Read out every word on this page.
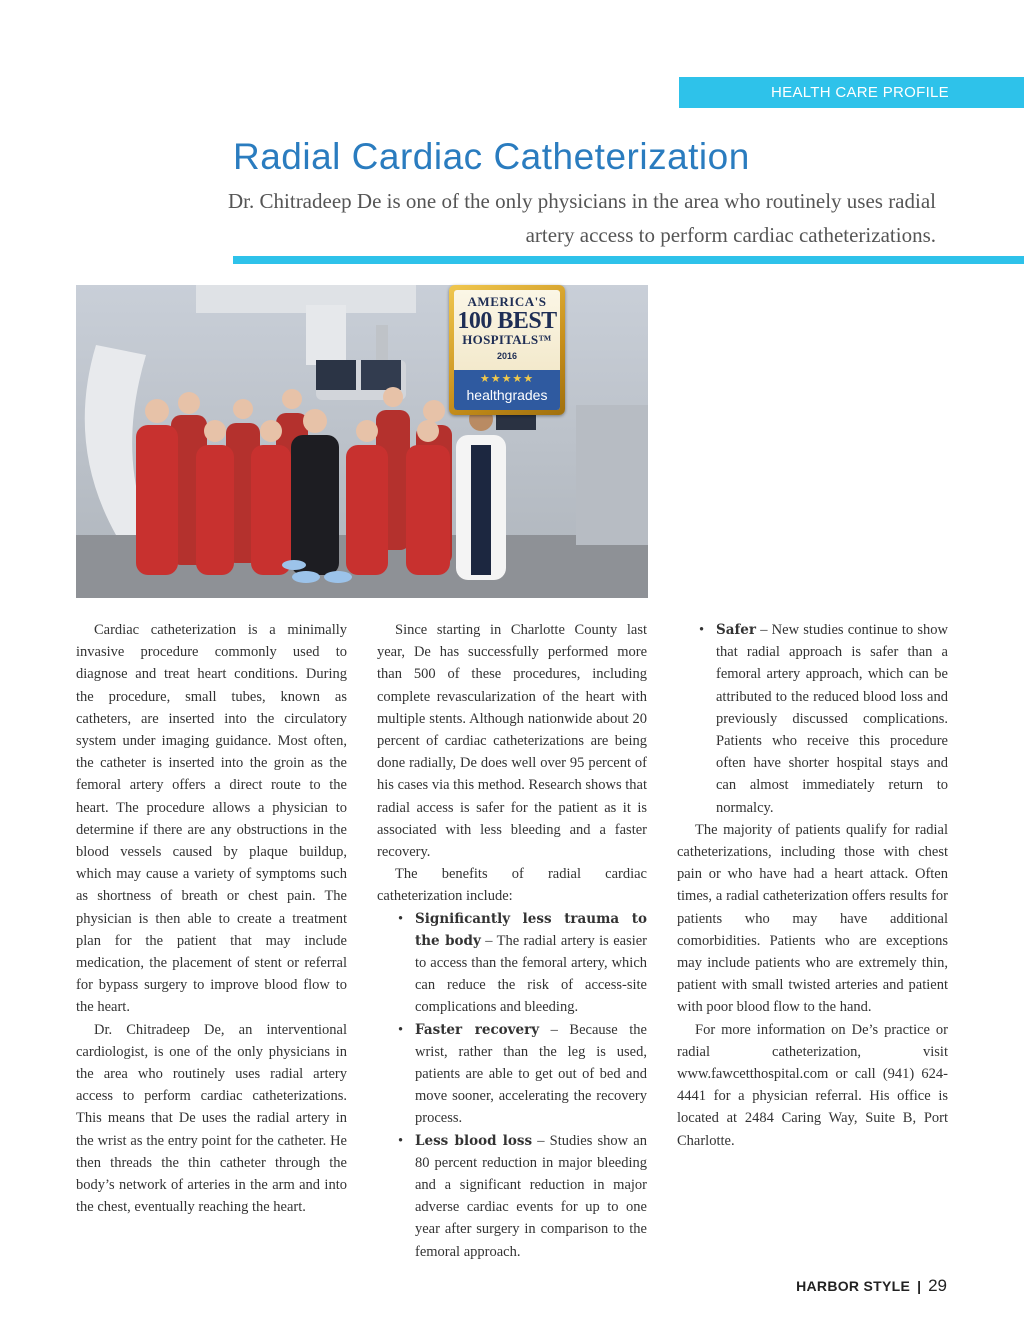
HEALTH CARE PROFILE
Radial Cardiac Catheterization

Dr. Chitradeep De is one of the only physicians in the area who routinely uses radial artery access to perform cardiac catheterizations.

AMERICA'S
100 BEST
HOSPITALS™
2016
★★★★★
healthgrades

Cardiac catheterization is a minimally invasive procedure commonly used to diagnose and treat heart conditions. During the procedure, small tubes, known as catheters, are inserted into the circulatory system under imaging guidance. Most often, the catheter is inserted into the groin as the femoral artery offers a direct route to the heart. The procedure allows a physician to determine if there are any obstructions in the blood vessels caused by plaque buildup, which may cause a variety of symptoms such as shortness of breath or chest pain. The physician is then able to create a treatment plan for the patient that may include medication, the placement of stent or referral for bypass surgery to improve blood flow to the heart.

Dr. Chitradeep De, an interventional cardiologist, is one of the only physicians in the area who routinely uses radial artery access to perform cardiac catheterizations. This means that De uses the radial artery in the wrist as the entry point for the catheter. He then threads the thin catheter through the body’s network of arteries in the arm and into the chest, eventually reaching the heart.

Since starting in Charlotte County last year, De has successfully performed more than 500 of these procedures, including complete revascularization of the heart with multiple stents. Although nationwide about 20 percent of cardiac catheterizations are being done radially, De does well over 95 percent of his cases via this method. Research shows that radial access is safer for the patient as it is associated with less bleeding and a faster recovery.

The benefits of radial cardiac catheterization include:

• Significantly less trauma to the body – The radial artery is easier to access than the femoral artery, which can reduce the risk of access-site complications and bleeding.
• Faster recovery – Because the wrist, rather than the leg is used, patients are able to get out of bed and move sooner, accelerating the recovery process.
• Less blood loss – Studies show an 80 percent reduction in major bleeding and a significant reduction in major adverse cardiac events for up to one year after surgery in comparison to the femoral approach.
• Safer – New studies continue to show that radial approach is safer than a femoral artery approach, which can be attributed to the reduced blood loss and previously discussed complications. Patients who receive this procedure often have shorter hospital stays and can almost immediately return to normalcy.

The majority of patients qualify for radial catheterizations, including those with chest pain or who have had a heart attack. Often times, a radial catheterization offers results for patients who may have additional comorbidities. Patients who are exceptions may include patients who are extremely thin, patient with small twisted arteries and patient with poor blood flow to the hand.

For more information on De’s practice or radial catheterization, visit www.fawcetthospital.com or call (941) 624-4441 for a physician referral. His office is located at 2484 Caring Way, Suite B, Port Charlotte.

HARBOR STYLE | 29
